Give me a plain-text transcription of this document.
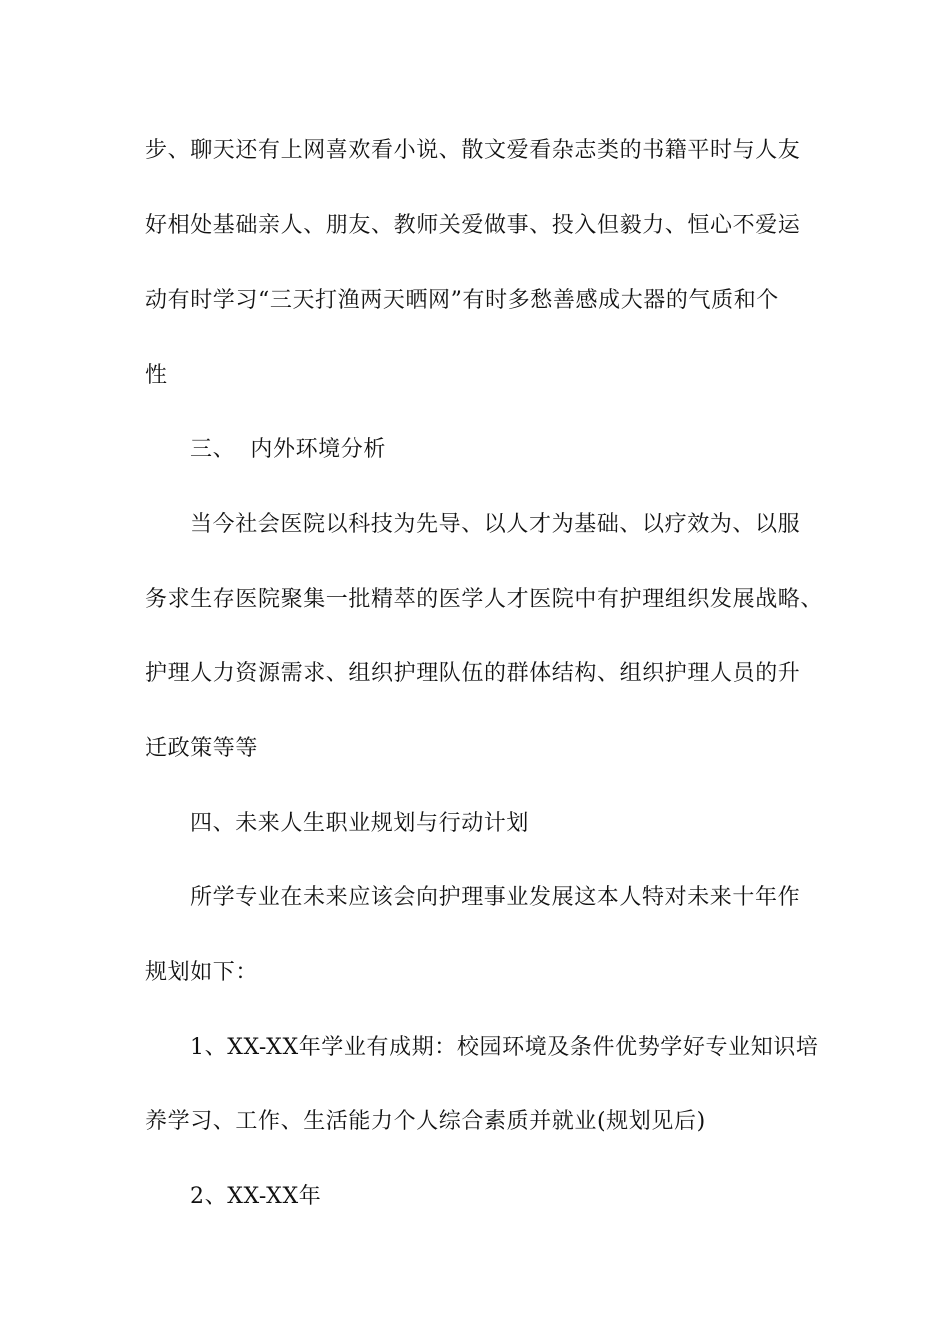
步、聊天还有上网喜欢看小说、散文爱看杂志类的书籍平时与人友
好相处基础亲人、朋友、教师关爱做事、投入但毅力、恒心不爱运
动有时学习“三天打渔两天晒网”有时多愁善感成大器的气质和个
性
三、  内外环境分析
当今社会医院以科技为先导、以人才为基础、以疗效为、以服
务求生存医院聚集一批精萃的医学人才医院中有护理组织发展战略、
护理人力资源需求、组织护理队伍的群体结构、组织护理人员的升
迁政策等等
四、未来人生职业规划与行动计划
所学专业在未来应该会向护理事业发展这本人特对未来十年作
规划如下：
1、XX-XX年学业有成期：校园环境及条件优势学好专业知识培
养学习、工作、生活能力个人综合素质并就业(规划见后)
2、XX-XX年
